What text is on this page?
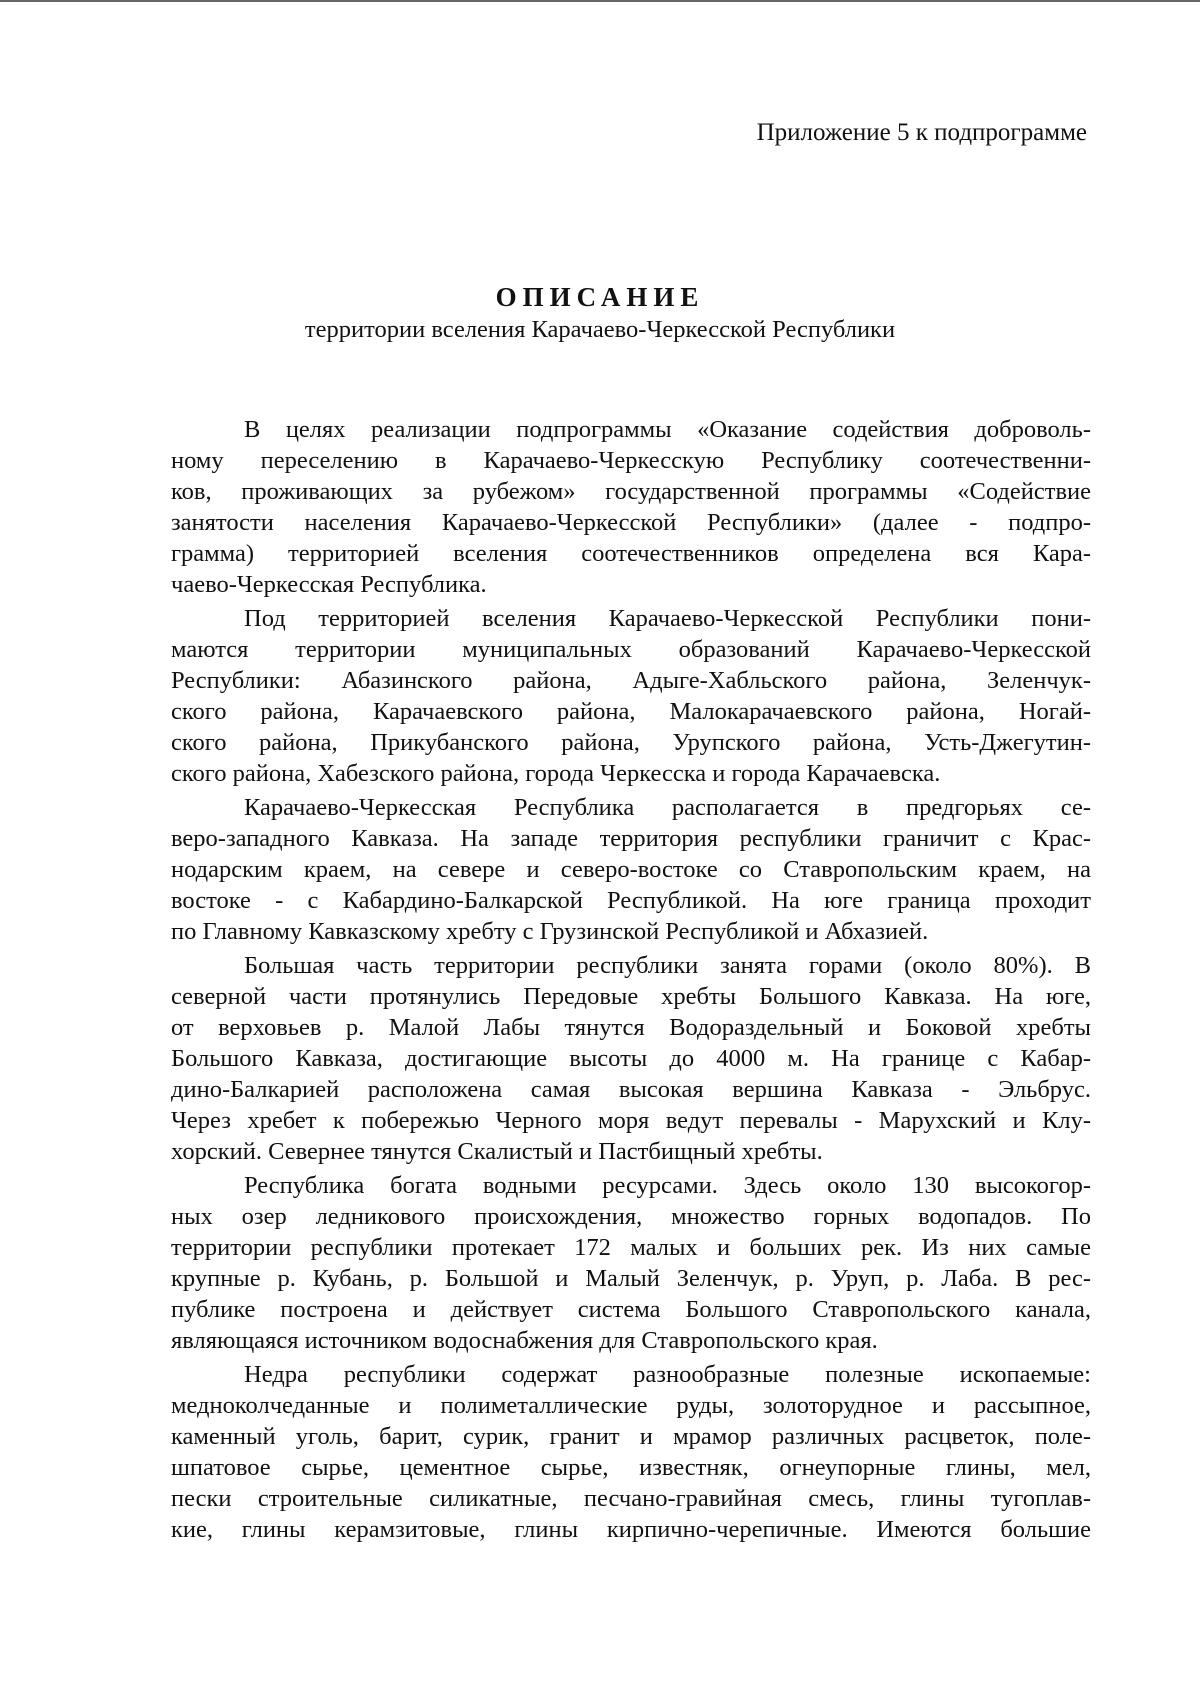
Приложение 5 к подпрограмме
ОПИСАНИЕ
территории вселения Карачаево-Черкесской Республики
В целях реализации подпрограммы «Оказание содействия доброволь-
ному переселению в Карачаево-Черкесскую Республику соотечественни-
ков, проживающих за рубежом» государственной программы «Содействие
занятости населения Карачаево-Черкесской Республики» (далее - подпро-
грамма) территорией вселения соотечественников определена вся Кара-
чаево-Черкесская Республика.
Под территорией вселения Карачаево-Черкесской Республики пони-
маются территории муниципальных образований Карачаево-Черкесской
Республики: Абазинского района, Адыге-Хабльского района, Зеленчук-
ского района, Карачаевского района, Малокарачаевского района, Ногай-
ского района, Прикубанского района, Урупского района, Усть-Джегутин-
ского района, Хабезского района, города Черкесска и города Карачаевска.
Карачаево-Черкесская Республика располагается в предгорьях се-
веро-западного Кавказа. На западе территория республики граничит с Крас-
нодарским краем, на севере и северо-востоке со Ставропольским краем, на
востоке - с Кабардино-Балкарской Республикой. На юге граница проходит
по Главному Кавказскому хребту с Грузинской Республикой и Абхазией.
Большая часть территории республики занята горами (около 80%). В
северной части протянулись Передовые хребты Большого Кавказа. На юге,
от верховьев р. Малой Лабы тянутся Водораздельный и Боковой хребты
Большого Кавказа, достигающие высоты до 4000 м. На границе с Кабар-
дино-Балкарией расположена самая высокая вершина Кавказа - Эльбрус.
Через хребет к побережью Черного моря ведут перевалы - Марухский и Клу-
хорский. Севернее тянутся Скалистый и Пастбищный хребты.
Республика богата водными ресурсами. Здесь около 130 высокогор-
ных озер ледникового происхождения, множество горных водопадов. По
территории республики протекает 172 малых и больших рек. Из них самые
крупные р. Кубань, р. Большой и Малый Зеленчук, р. Уруп, р. Лаба. В рес-
публике построена и действует система Большого Ставропольского канала,
являющаяся источником водоснабжения для Ставропольского края.
Недра республики содержат разнообразные полезные ископаемые:
медноколчеданные и полиметаллические руды, золоторудное и рассыпное,
каменный уголь, барит, сурик, гранит и мрамор различных расцветок, поле-
шпатовое сырье, цементное сырье, известняк, огнеупорные глины, мел,
пески строительные силикатные, песчано-гравийная смесь, глины тугоплав-
кие, глины керамзитовые, глины кирпично-черепичные. Имеются большие
